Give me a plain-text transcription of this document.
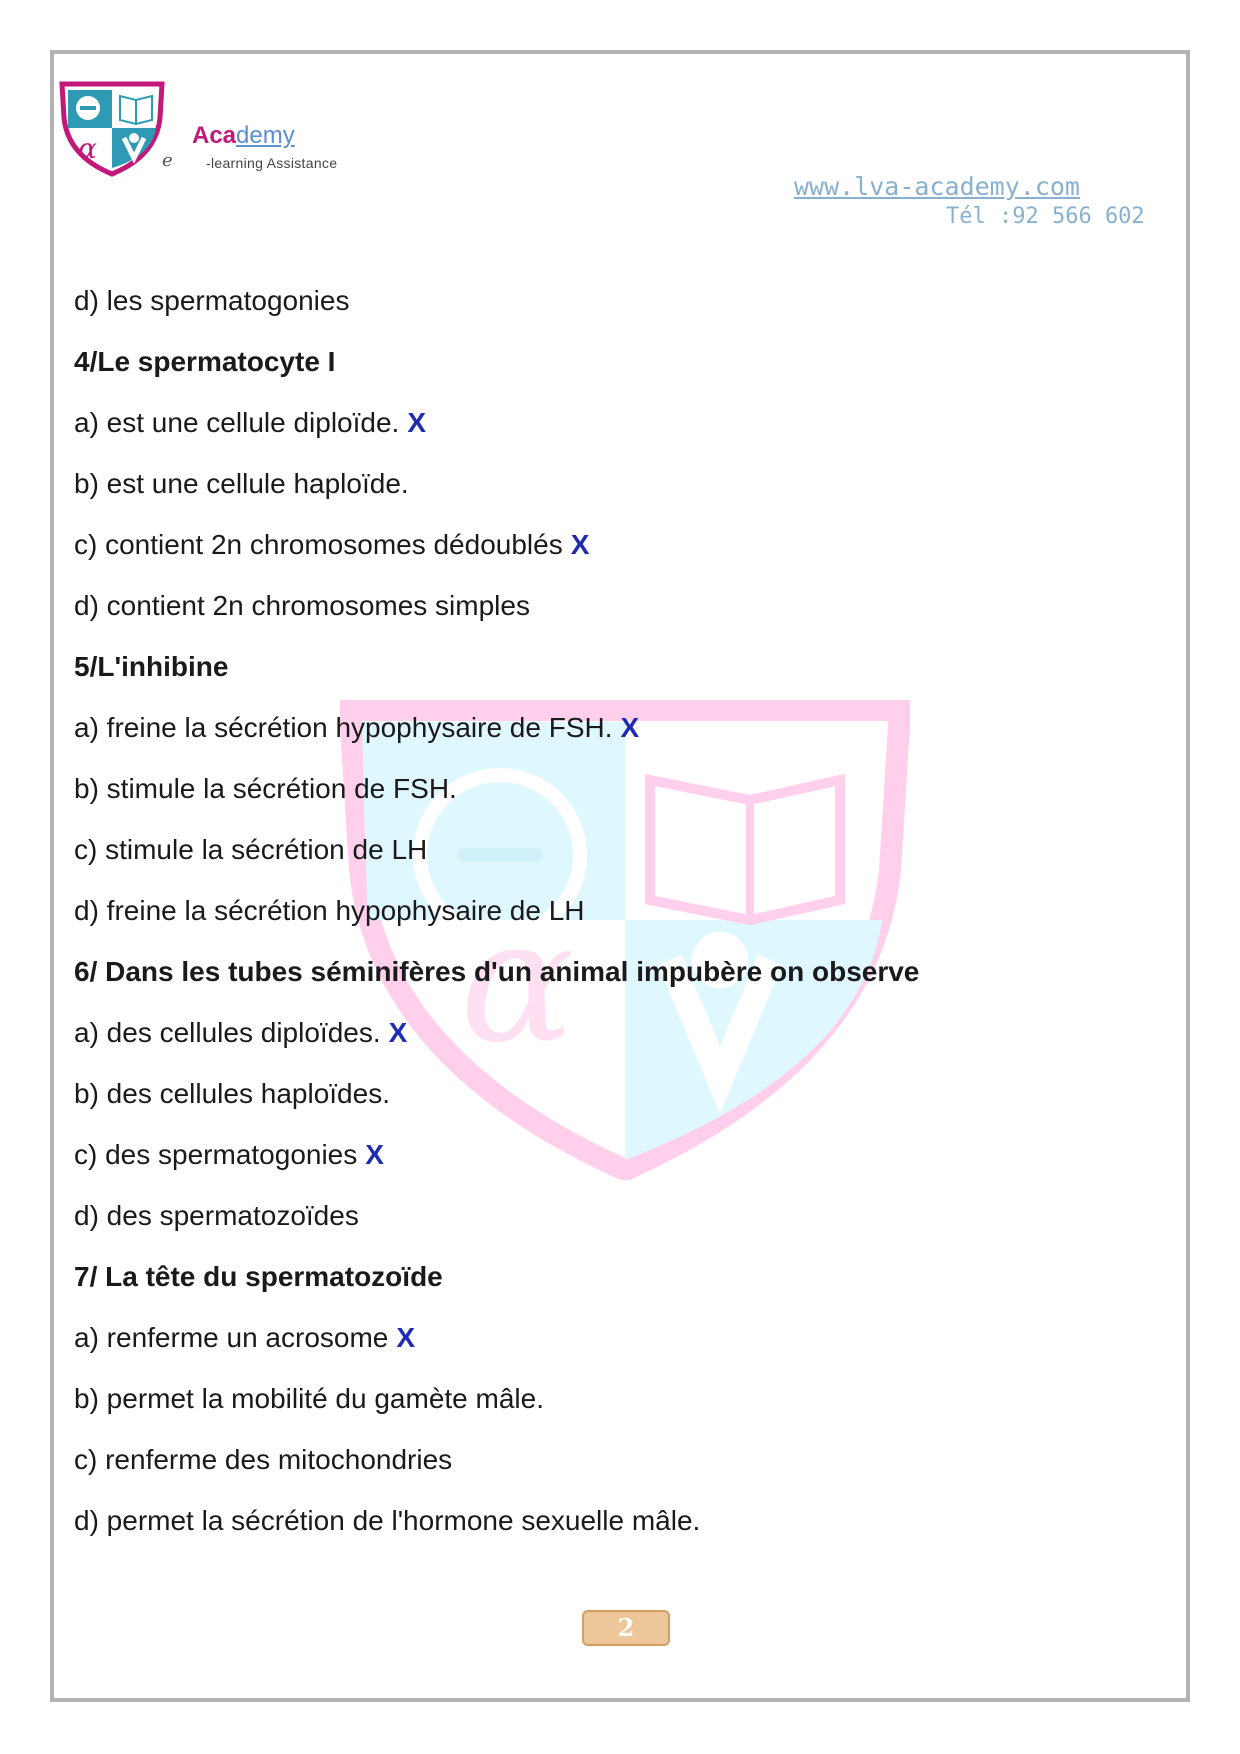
α	Academy
e -learning Assistance
www.lva-academy.com
Tél :92 566 602
α
d) les spermatogonies
4/Le spermatocyte I
a) est une cellule diploïde. X
b) est une cellule haploïde.
c) contient 2n chromosomes dédoublés X
d) contient 2n chromosomes simples
5/L'inhibine
a) freine la sécrétion hypophysaire de FSH. X
b) stimule la sécrétion de FSH.
c) stimule la sécrétion de LH
d) freine la sécrétion hypophysaire de LH
6/ Dans les tubes séminifères d'un animal impubère on observe
a) des cellules diploïdes. X
b) des cellules haploïdes.
c) des spermatogonies X
d) des spermatozoïdes
7/ La tête du spermatozoïde
a) renferme un acrosome X
b) permet la mobilité du gamète mâle.
c) renferme des mitochondries
d) permet la sécrétion de l'hormone sexuelle mâle.
2
